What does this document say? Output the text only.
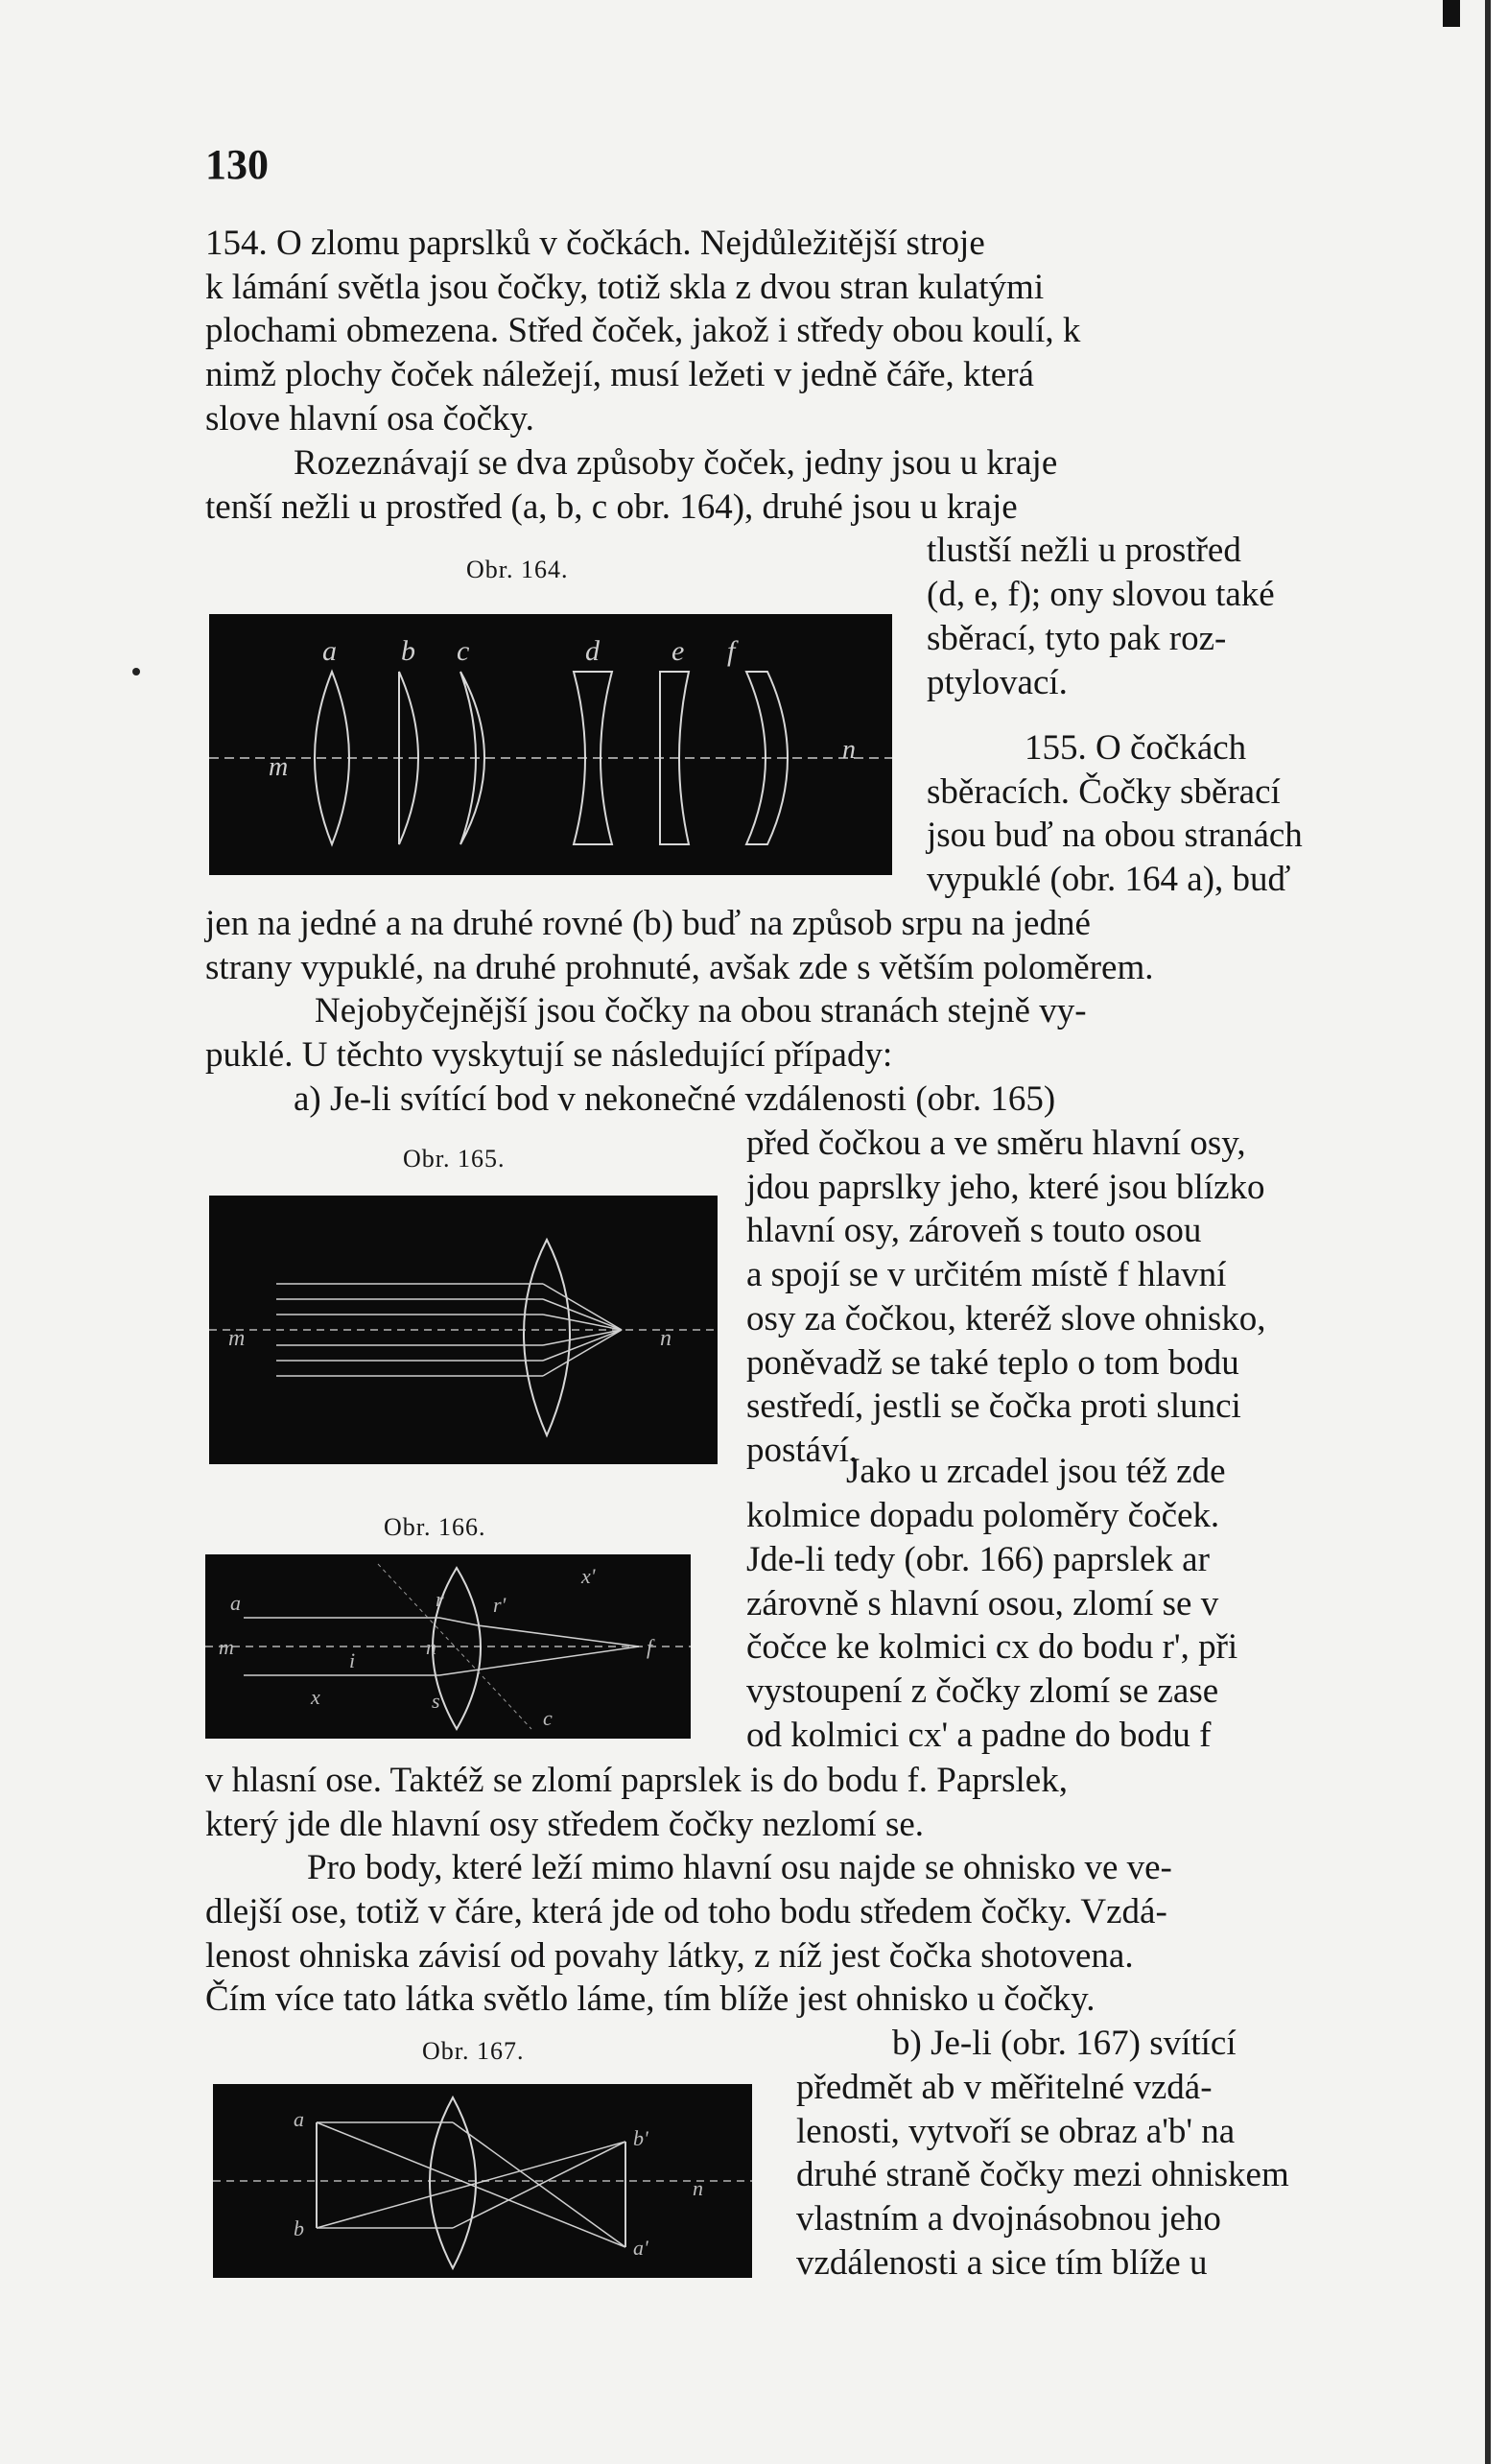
130
154. O zlomu paprslků v čočkách. Nejdůležitější stroje
k lámání světla jsou čočky, totiž skla z dvou stran kulatými
plochami obmezena. Střed čoček, jakož i středy obou koulí, k
nimž plochy čoček náležejí, musí ležeti v jedně čáře, která
slove hlavní osa čočky.
Rozeznávají se dva způsoby čoček, jedny jsou u kraje
tenší nežli u prostřed (a, b, c obr. 164), druhé jsou u kraje
tlustší nežli u prostřed
(d, e, f); ony slovou také
sběrací, tyto pak roz-
ptylovací.
Obr. 164.
a b c	d	e f
m
n	155. O čočkách
sběracích. Čočky sběrací
jsou buď na obou stranách
vypuklé (obr. 164 a), buď
jen na jedné a na druhé rovné (b) buď na způsob srpu na jedné
strany vypuklé, na druhé prohnuté, avšak zde s větším poloměrem.
Nejobyčejnější jsou čočky na obou stranách stejně vy-
puklé. U těchto vyskytují se následující případy:
a) Je-li svítící bod v nekonečné vzdálenosti (obr. 165)
Obr. 165.
m	n
před čočkou a ve směru hlavní osy,
jdou paprslky jeho, které jsou blízko
hlavní osy, zároveň s touto osou
a spojí se v určitém místě f hlavní
osy za čočkou, kteréž slove ohnisko,
poněvadž se také teplo o tom bodu
sestředí, jestli se čočka proti slunci
postáví.
Jako u zrcadel jsou též zde
kolmice dopadu poloměry čoček.
Jde-li tedy (obr. 166) paprslek ar
zárovně s hlavní osou, zlomí se v
čočce ke kolmici cx do bodu r', při
vystoupení z čočky zlomí se zase
od kolmici cx' a padne do bodu f
Obr. 166.
a	r r'
x'
m
i
n	f
x	s
c
v hlasní ose. Taktéž se zlomí paprslek is do bodu f. Paprslek,
který jde dle hlavní osy středem čočky nezlomí se.
Pro body, které leží mimo hlavní osu najde se ohnisko ve ve-
dlejší ose, totiž v čáre, která jde od toho bodu středem čočky. Vzdá-
lenost ohniska závisí od povahy látky, z níž jest čočka shotovena.
Čím více tato látka světlo láme, tím blíže jest ohnisko u čočky.
Obr. 167.
a
b
b'
a'
n
b) Je-li (obr. 167) svítící
předmět ab v měřitelné vzdá-
lenosti, vytvoří se obraz a'b' na
druhé straně čočky mezi ohniskem
vlastním a dvojnásobnou jeho
vzdálenosti a sice tím blíže u
